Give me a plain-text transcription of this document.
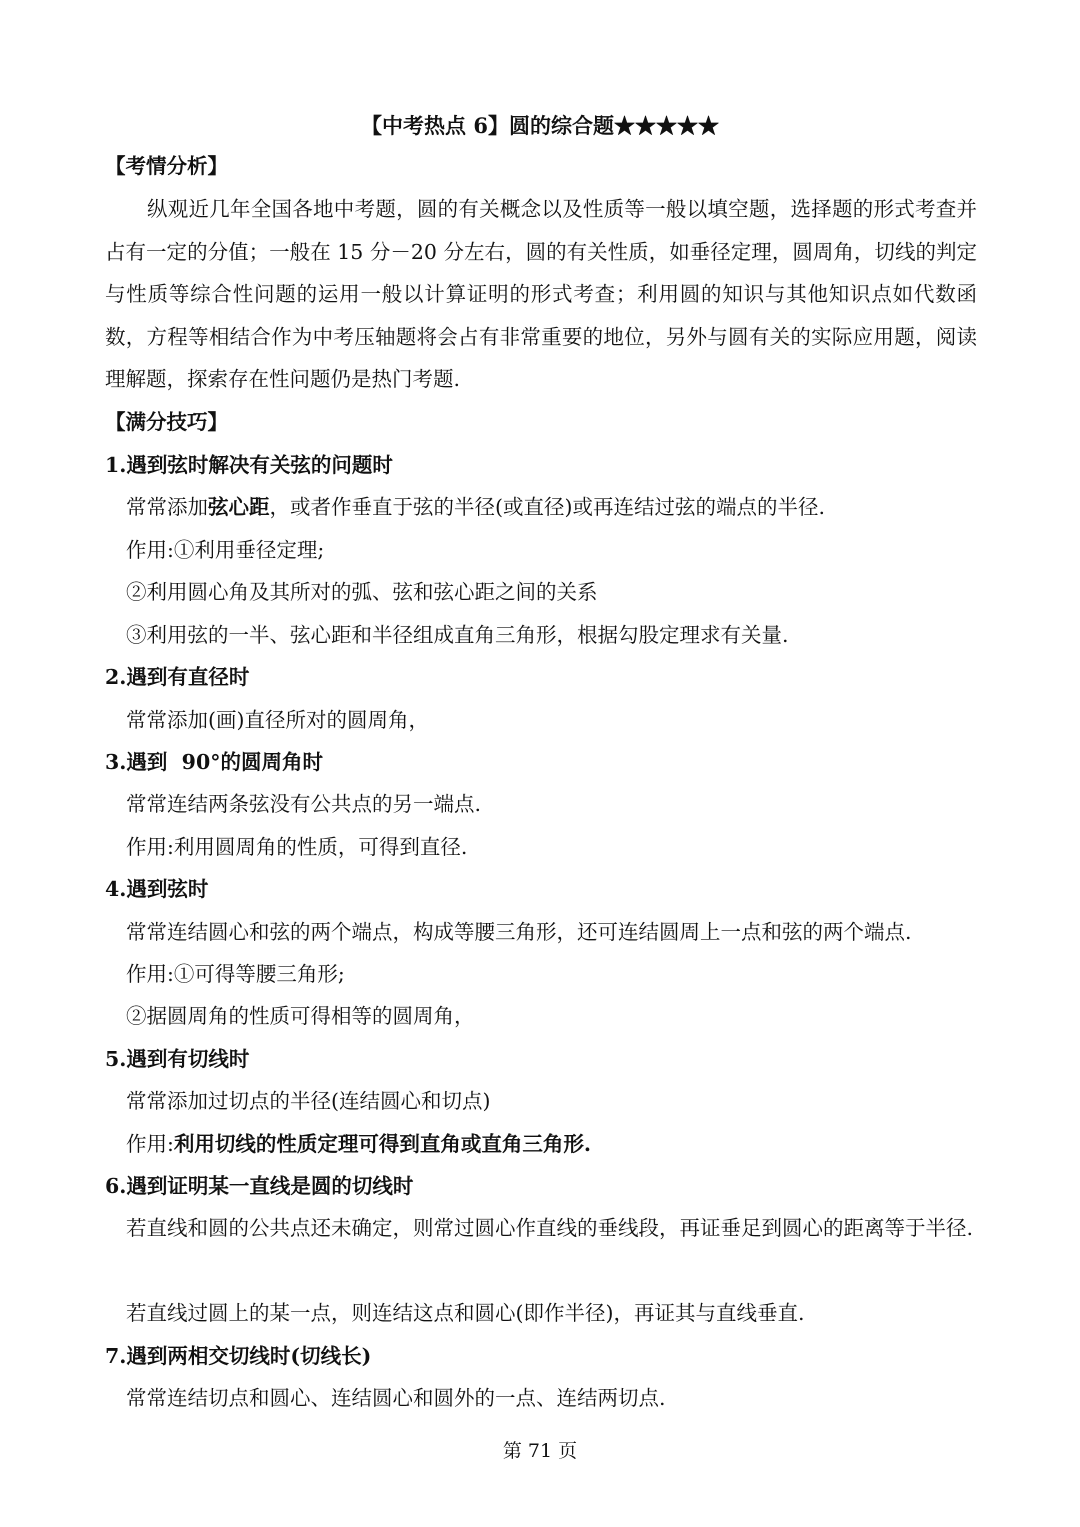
【中考热点 6】圆的综合题★★★★★
【考情分析】
纵观近几年全国各地中考题，圆的有关概念以及性质等一般以填空题，选择题的形式考查并占有一定的分值；一般在 15 分－20 分左右，圆的有关性质，如垂径定理，圆周角，切线的判定与性质等综合性问题的运用一般以计算证明的形式考查；利用圆的知识与其他知识点如代数函数，方程等相结合作为中考压轴题将会占有非常重要的地位，另外与圆有关的实际应用题，阅读理解题，探索存在性问题仍是热门考题.
【满分技巧】
1.遇到弦时解决有关弦的问题时
常常添加弦心距，或者作垂直于弦的半径(或直径)或再连结过弦的端点的半径.
作用:①利用垂径定理;
②利用圆心角及其所对的弧、弦和弦心距之间的关系
③利用弦的一半、弦心距和半径组成直角三角形，根据勾股定理求有关量.
2.遇到有直径时
常常添加(画)直径所对的圆周角，
3.遇到  90°的圆周角时
常常连结两条弦没有公共点的另一端点.
作用:利用圆周角的性质，可得到直径.
4.遇到弦时
常常连结圆心和弦的两个端点，构成等腰三角形，还可连结圆周上一点和弦的两个端点.
作用:①可得等腰三角形;
②据圆周角的性质可得相等的圆周角，
5.遇到有切线时
常常添加过切点的半径(连结圆心和切点)
作用:利用切线的性质定理可得到直角或直角三角形.
6.遇到证明某一直线是圆的切线时
若直线和圆的公共点还未确定，则常过圆心作直线的垂线段，再证垂足到圆心的距离等于半径.
若直线过圆上的某一点，则连结这点和圆心(即作半径)，再证其与直线垂直.
7.遇到两相交切线时(切线长)
常常连结切点和圆心、连结圆心和圆外的一点、连结两切点.
第 71 页
